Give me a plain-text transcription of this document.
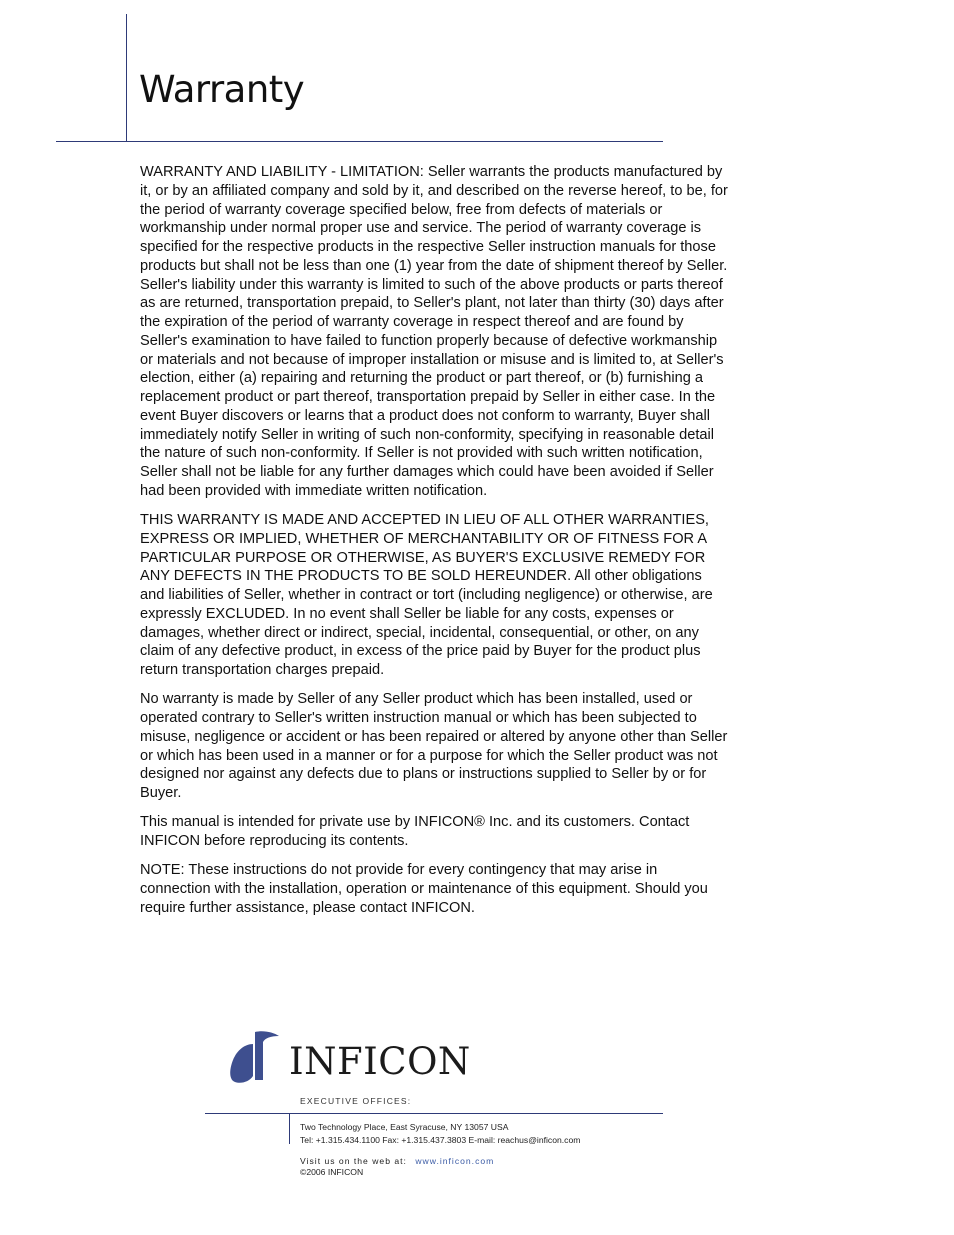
Warranty

WARRANTY AND LIABILITY - LIMITATION: Seller warrants the products manufactured by it, or by an affiliated company and sold by it, and described on the reverse hereof, to be, for the period of warranty coverage specified below, free from defects of materials or workmanship under normal proper use and service. The period of warranty coverage is specified for the respective products in the respective Seller instruction manuals for those products but shall not be less than one (1) year from the date of shipment thereof by Seller. Seller's liability under this warranty is limited to such of the above products or parts thereof as are returned, transportation prepaid, to Seller's plant, not later than thirty (30) days after the expiration of the period of warranty coverage in respect thereof and are found by Seller's examination to have failed to function properly because of defective workmanship or materials and not because of improper installation or misuse and is limited to, at Seller's election, either (a) repairing and returning the product or part thereof, or (b) furnishing a replacement product or part thereof, transportation prepaid by Seller in either case. In the event Buyer discovers or learns that a product does not conform to warranty, Buyer shall immediately notify Seller in writing of such non-conformity, specifying in reasonable detail the nature of such non-conformity. If Seller is not provided with such written notification, Seller shall not be liable for any further damages which could have been avoided if Seller had been provided with immediate written notification.

THIS WARRANTY IS MADE AND ACCEPTED IN LIEU OF ALL OTHER WARRANTIES, EXPRESS OR IMPLIED, WHETHER OF MERCHANTABILITY OR OF FITNESS FOR A PARTICULAR PURPOSE OR OTHERWISE, AS BUYER'S EXCLUSIVE REMEDY FOR ANY DEFECTS IN THE PRODUCTS TO BE SOLD HEREUNDER. All other obligations and liabilities of Seller, whether in contract or tort (including negligence) or otherwise, are expressly EXCLUDED. In no event shall Seller be liable for any costs, expenses or damages, whether direct or indirect, special, incidental, consequential, or other, on any claim of any defective product, in excess of the price paid by Buyer for the product plus return transportation charges prepaid.

No warranty is made by Seller of any Seller product which has been installed, used or operated contrary to Seller's written instruction manual or which has been subjected to misuse, negligence or accident or has been repaired or altered by anyone other than Seller or which has been used in a manner or for a purpose for which the Seller product was not designed nor against any defects due to plans or instructions supplied to Seller by or for Buyer.

This manual is intended for private use by INFICON® Inc. and its customers. Contact INFICON before reproducing its contents.

NOTE: These instructions do not provide for every contingency that may arise in connection with the installation, operation or maintenance of this equipment. Should you require further assistance, please contact INFICON.

INFICON
EXECUTIVE OFFICES:
Two Technology Place, East Syracuse, NY 13057 USA
Tel: +1.315.434.1100 Fax: +1.315.437.3803 E-mail: reachus@inficon.com
Visit us on the web at: www.inficon.com
©2006 INFICON
